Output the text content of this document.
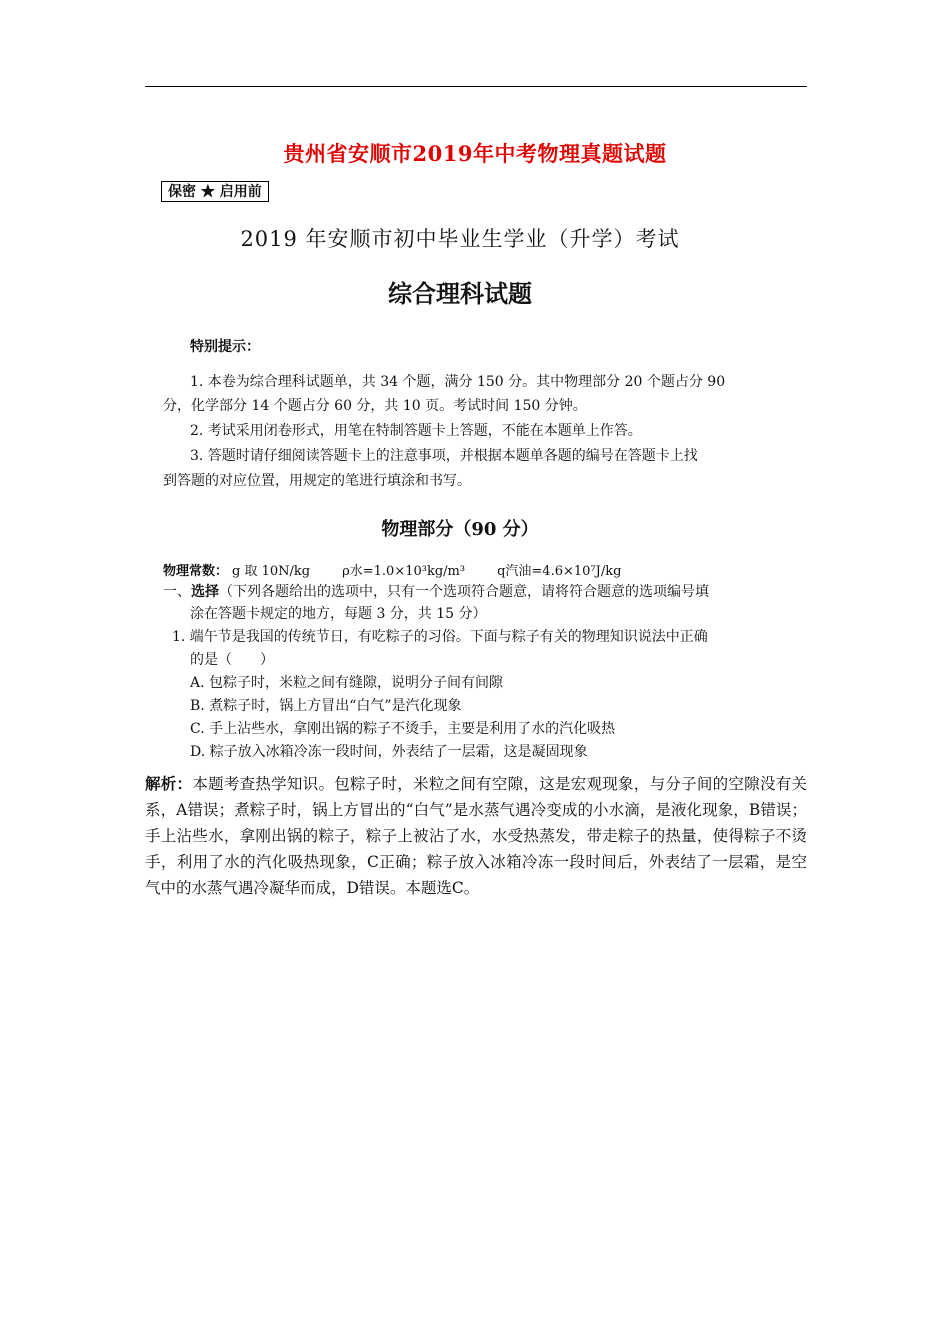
贵州省安顺市2019年中考物理真题试题
保密 ★ 启用前
2019 年安顺市初中毕业生学业（升学）考试
综合理科试题
特别提示：
1. 本卷为综合理科试题单，共 34 个题，满分 150 分。其中物理部分 20 个题占分 90
分，化学部分 14 个题占分 60 分，共 10 页。考试时间 150 分钟。
2. 考试采用闭卷形式，用笔在特制答题卡上答题，不能在本题单上作答。
3. 答题时请仔细阅读答题卡上的注意事项，并根据本题单各题的编号在答题卡上找
到答题的对应位置，用规定的笔进行填涂和书写。
物理部分（90 分）
物理常数： g 取 10N/kg ρ水=1.0×10³kg/m³ q汽油=4.6×10⁷J/kg
一、选择（下列各题给出的选项中，只有一个选项符合题意，请将符合题意的选项编号填
涂在答题卡规定的地方，每题 3 分，共 15 分）
1. 端午节是我国的传统节日，有吃粽子的习俗。下面与粽子有关的物理知识说法中正确
的是（　　）
A. 包粽子时，米粒之间有缝隙，说明分子间有间隙
B. 煮粽子时，锅上方冒出“白气”是汽化现象
C. 手上沾些水，拿刚出锅的粽子不烫手，主要是利用了水的汽化吸热
D. 粽子放入冰箱冷冻一段时间，外表结了一层霜，这是凝固现象
解析：本题考查热学知识。包粽子时，米粒之间有空隙，这是宏观现象，与分子间的空隙没有关系，A错误；煮粽子时，锅上方冒出的“白气”是水蒸气遇冷变成的小水滴，是液化现象，B错误；手上沾些水，拿刚出锅的粽子，粽子上被沾了水，水受热蒸发，带走粽子的热量，使得粽子不烫手，利用了水的汽化吸热现象，C正确；粽子放入冰箱冷冻一段时间后，外表结了一层霜，是空气中的水蒸气遇冷凝华而成，D错误。本题选C。
